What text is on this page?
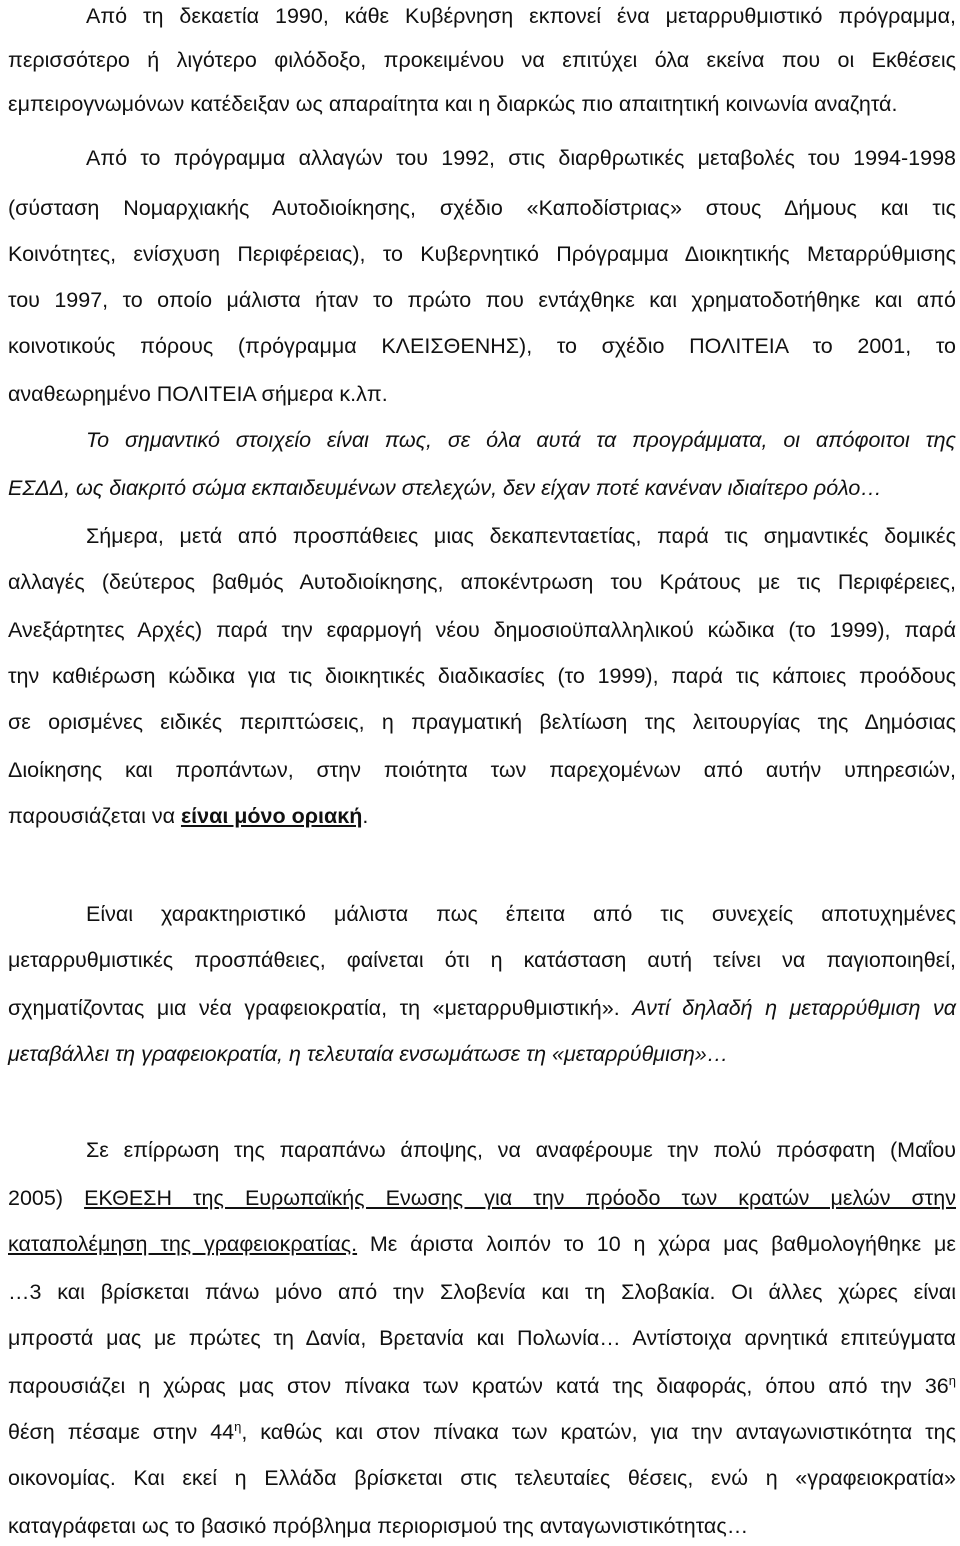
Από τη δεκαετία 1990, κάθε Κυβέρνηση εκπονεί ένα μεταρρυθμιστικό πρόγραμμα,
περισσότερο ή λιγότερο φιλόδοξο, προκειμένου να επιτύχει όλα εκείνα που οι Εκθέσεις
εμπειρογνωμόνων κατέδειξαν ως απαραίτητα και η διαρκώς πιο απαιτητική κοινωνία αναζητά.
Από το πρόγραμμα αλλαγών του 1992, στις διαρθρωτικές μεταβολές του 1994-1998
(σύσταση Νομαρχιακής Αυτοδιοίκησης, σχέδιο «Καποδίστριας» στους Δήμους και τις
Κοινότητες, ενίσχυση Περιφέρειας), το Κυβερνητικό Πρόγραμμα Διοικητικής Μεταρρύθμισης
του 1997, το οποίο μάλιστα ήταν το πρώτο που εντάχθηκε και χρηματοδοτήθηκε και από
κοινοτικούς πόρους (πρόγραμμα ΚΛΕΙΣΘΕΝΗΣ), το σχέδιο ΠΟΛΙΤΕΙΑ το 2001, το
αναθεωρημένο ΠΟΛΙΤΕΙΑ σήμερα κ.λπ.
Το σημαντικό στοιχείο είναι πως, σε όλα αυτά τα προγράμματα, οι απόφοιτοι της
ΕΣΔΔ, ως διακριτό σώμα εκπαιδευμένων στελεχών, δεν είχαν ποτέ κανέναν ιδιαίτερο ρόλο…
Σήμερα, μετά από προσπάθειες μιας δεκαπενταετίας, παρά τις σημαντικές δομικές
αλλαγές (δεύτερος βαθμός Αυτοδιοίκησης, αποκέντρωση του Κράτους με τις Περιφέρειες,
Ανεξάρτητες Αρχές) παρά την εφαρμογή νέου δημοσιοϋπαλληλικού κώδικα (το 1999), παρά
την καθιέρωση κώδικα για τις διοικητικές διαδικασίες (το 1999), παρά τις κάποιες προόδους
σε ορισμένες ειδικές περιπτώσεις, η πραγματική βελτίωση της λειτουργίας της Δημόσιας
Διοίκησης και προπάντων, στην ποιότητα των παρεχομένων από αυτήν υπηρεσιών,
παρουσιάζεται να είναι μόνο οριακή.
Είναι χαρακτηριστικό μάλιστα πως έπειτα από τις συνεχείς αποτυχημένες
μεταρρυθμιστικές προσπάθειες, φαίνεται ότι η κατάσταση αυτή τείνει να παγιοποιηθεί,
σχηματίζοντας μια νέα γραφειοκρατία, τη «μεταρρυθμιστική». Αντί δηλαδή η μεταρρύθμιση να
μεταβάλλει τη γραφειοκρατία, η τελευταία ενσωμάτωσε τη «μεταρρύθμιση»…
Σε επίρρωση της παραπάνω άποψης, να αναφέρουμε την πολύ πρόσφατη (Μαΐου
2005) ΕΚΘΕΣΗ της Ευρωπαϊκής Ενωσης για την πρόοδο των κρατών μελών στην
καταπολέμηση της γραφειοκρατίας. Με άριστα λοιπόν το 10 η χώρα μας βαθμολογήθηκε με
…3 και βρίσκεται πάνω μόνο από την Σλοβενία και τη Σλοβακία. Οι άλλες χώρες είναι
μπροστά μας με πρώτες τη Δανία, Βρετανία και Πολωνία… Αντίστοιχα αρνητικά επιτεύγματα
παρουσιάζει η χώρας μας στον πίνακα των κρατών κατά της διαφοράς, όπου από την $36^\eta$
θέση πέσαμε στην $44^\eta$, καθώς και στον πίνακα των κρατών, για την ανταγωνιστικότητα της
οικονομίας. Και εκεί η Ελλάδα βρίσκεται στις τελευταίες θέσεις, ενώ η «γραφειοκρατία»
καταγράφεται ως το βασικό πρόβλημα περιορισμού της ανταγωνιστικότητας…
